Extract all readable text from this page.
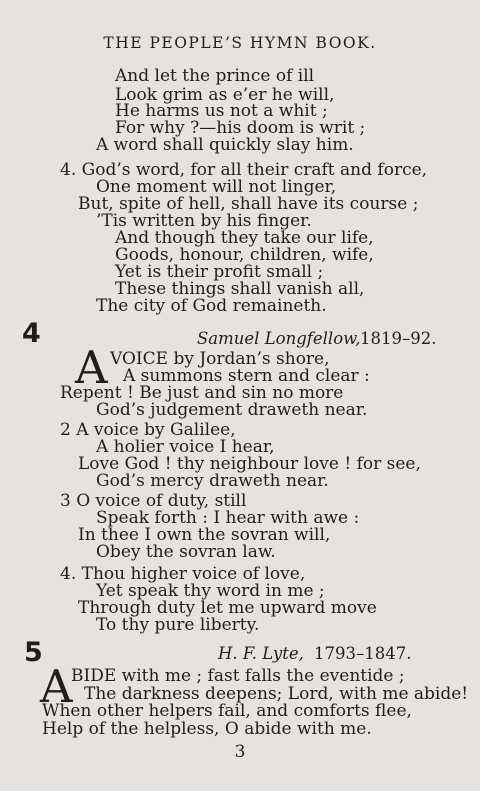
THE PEOPLE’S HYMN BOOK.
And let the prince of ill
Look grim as e’er he will,
He harms us not a whit ;
For why ?—his doom is writ ;
A word shall quickly slay him.
4. God’s word, for all their craft and force,
One moment will not linger,
But, spite of hell, shall have its course ;
’Tis written by his finger.
And though they take our life,
Goods, honour, children, wife,
Yet is their profit small ;
These things shall vanish all,
The city of God remaineth.
4	Samuel Longfellow, 1819–92.
A VOICE by Jordan’s shore,
A summons stern and clear :
Repent ! Be just and sin no more
God’s judgement draweth near.
2 A voice by Galilee,
A holier voice I hear,
Love God ! thy neighbour love ! for see,
God’s mercy draweth near.
3 O voice of duty, still
Speak forth : I hear with awe :
In thee I own the sovran will,
Obey the sovran law.
4. Thou higher voice of love,
Yet speak thy word in me ;
Through duty let me upward move
To thy pure liberty.
5	H. F. Lyte, 1793–1847.
A
BIDE with me ; fast falls the eventide ;
The darkness deepens; Lord, with me abide!
When other helpers fail, and comforts flee,
Help of the helpless, O abide with me.
3
